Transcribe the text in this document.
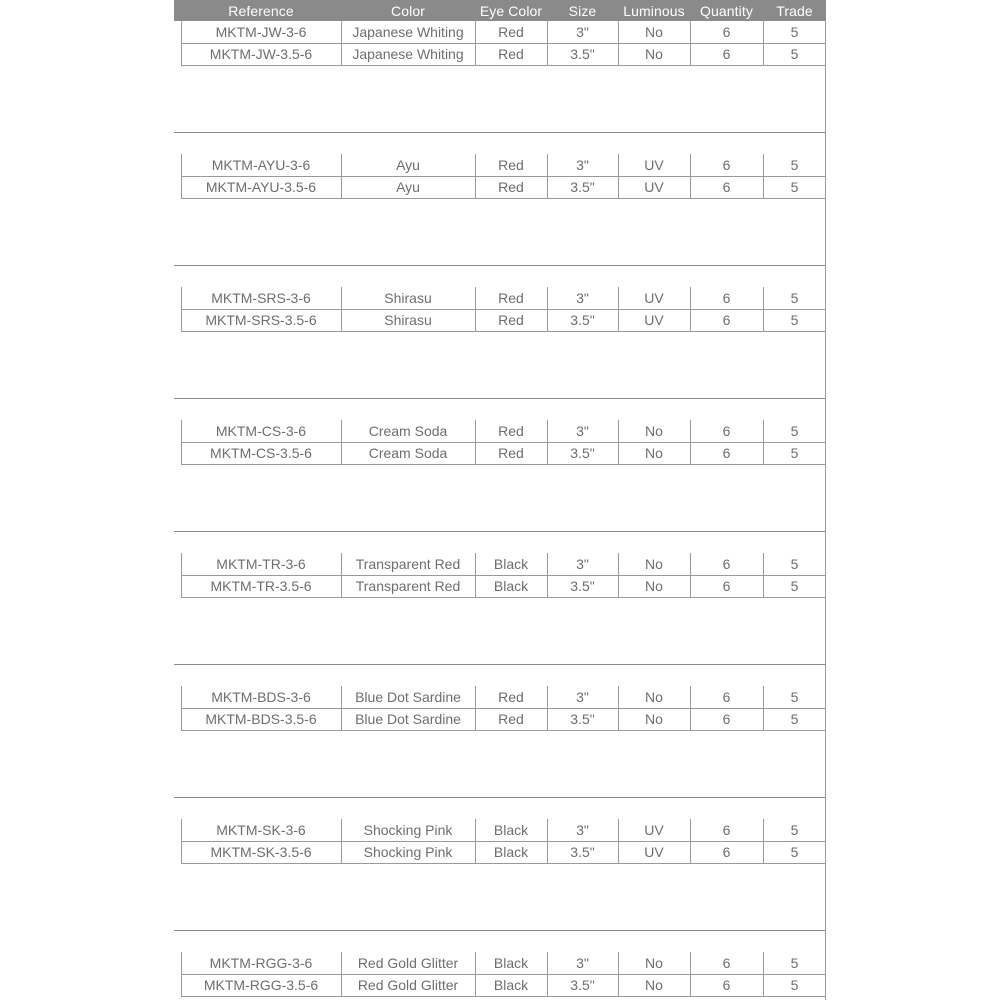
Reference	Color	Eye Color	Size	Luminous	Quantity	Trade
MKTM-JW-3-6	Japanese Whiting	Red	3"	No	6	5
MKTM-JW-3.5-6	Japanese Whiting	Red	3.5"	No	6	5
MKTM-AYU-3-6	Ayu	Red	3"	UV	6	5
MKTM-AYU-3.5-6	Ayu	Red	3.5"	UV	6	5
MKTM-SRS-3-6	Shirasu	Red	3"	UV	6	5
MKTM-SRS-3.5-6	Shirasu	Red	3.5"	UV	6	5
MKTM-CS-3-6	Cream Soda	Red	3"	No	6	5
MKTM-CS-3.5-6	Cream Soda	Red	3.5"	No	6	5
MKTM-TR-3-6	Transparent Red	Black	3"	No	6	5
MKTM-TR-3.5-6	Transparent Red	Black	3.5"	No	6	5
MKTM-BDS-3-6	Blue Dot Sardine	Red	3"	No	6	5
MKTM-BDS-3.5-6	Blue Dot Sardine	Red	3.5"	No	6	5
MKTM-SK-3-6	Shocking Pink	Black	3"	UV	6	5
MKTM-SK-3.5-6	Shocking Pink	Black	3.5"	UV	6	5
MKTM-RGG-3-6	Red Gold Glitter	Black	3"	No	6	5
MKTM-RGG-3.5-6	Red Gold Glitter	Black	3.5"	No	6	5
